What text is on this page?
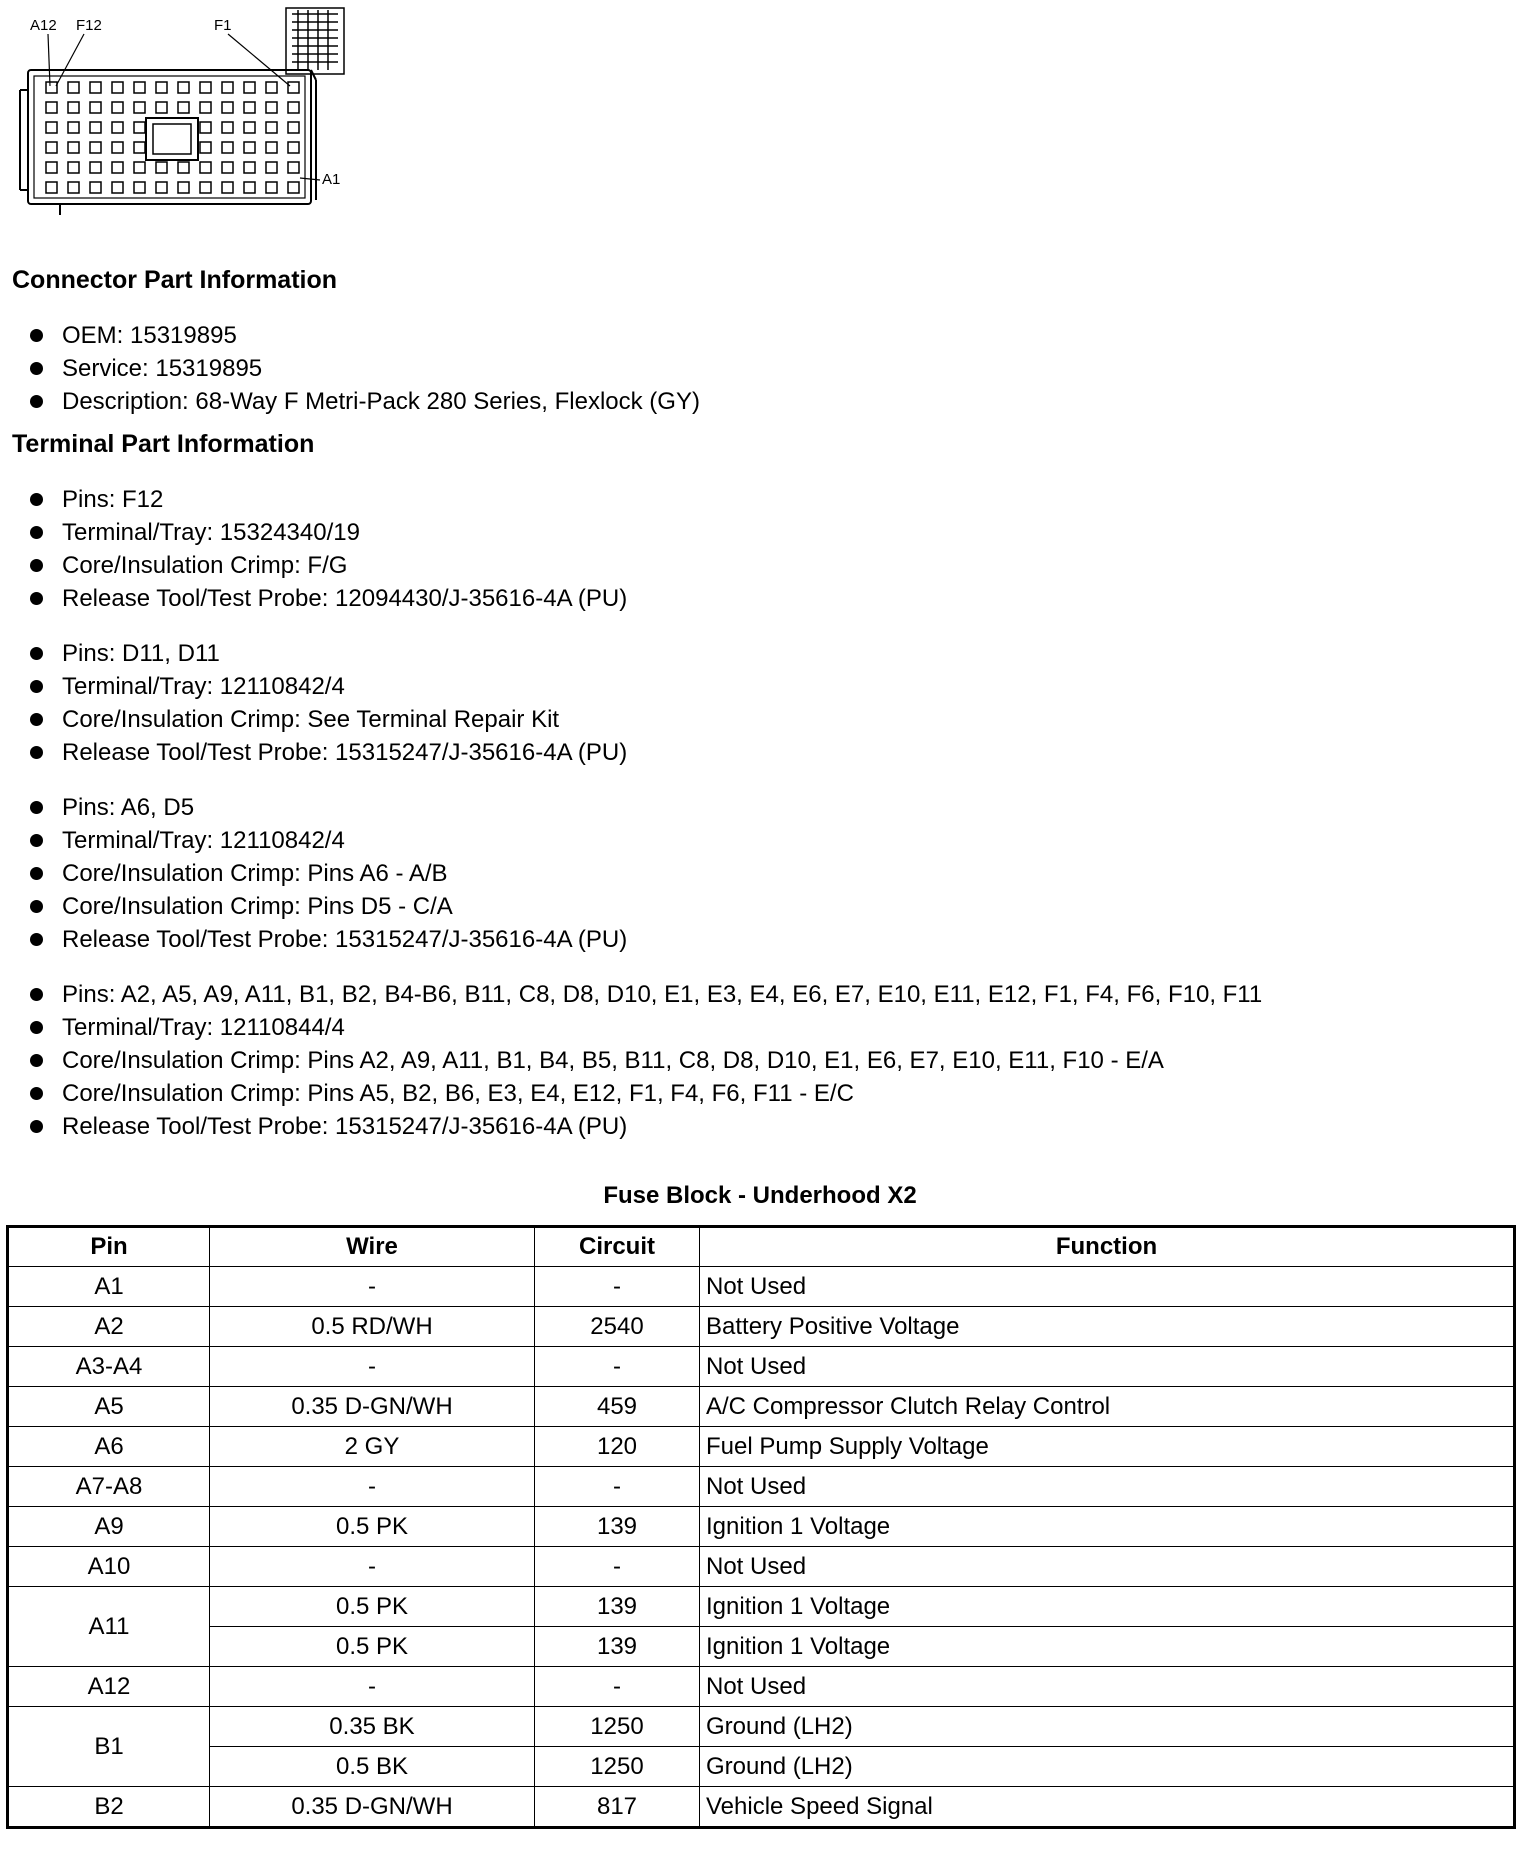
A12 F12	F1
A1
Connector Part Information
OEM: 15319895
Service: 15319895
Description: 68-Way F Metri-Pack 280 Series, Flexlock (GY)
Terminal Part Information
Pins: F12
Terminal/Tray: 15324340/19
Core/Insulation Crimp: F/G
Release Tool/Test Probe: 12094430/J-35616-4A (PU)
Pins: D11, D11
Terminal/Tray: 12110842/4
Core/Insulation Crimp: See Terminal Repair Kit
Release Tool/Test Probe: 15315247/J-35616-4A (PU)
Pins: A6, D5
Terminal/Tray: 12110842/4
Core/Insulation Crimp: Pins A6 - A/B
Core/Insulation Crimp: Pins D5 - C/A
Release Tool/Test Probe: 15315247/J-35616-4A (PU)
Pins: A2, A5, A9, A11, B1, B2, B4-B6, B11, C8, D8, D10, E1, E3, E4, E6, E7, E10, E11, E12, F1, F4, F6, F10, F11
Terminal/Tray: 12110844/4
Core/Insulation Crimp: Pins A2, A9, A11, B1, B4, B5, B11, C8, D8, D10, E1, E6, E7, E10, E11, F10 - E/A
Core/Insulation Crimp: Pins A5, B2, B6, E3, E4, E12, F1, F4, F6, F11 - E/C
Release Tool/Test Probe: 15315247/J-35616-4A (PU)
Fuse Block - Underhood X2
Pin	Wire	Circuit	Function
A1	-	-	Not Used
A2	0.5 RD/WH	2540	Battery Positive Voltage
A3-A4	-	-	Not Used
A5	0.35 D-GN/WH	459	A/C Compressor Clutch Relay Control
A6	2 GY	120	Fuel Pump Supply Voltage
A7-A8	-	-	Not Used
A9	0.5 PK	139	Ignition 1 Voltage
A10	-	-	Not Used
A11	0.5 PK	139	Ignition 1 Voltage
	0.5 PK	139	Ignition 1 Voltage
A12	-	-	Not Used
B1	0.35 BK	1250	Ground (LH2)
	0.5 BK	1250	Ground (LH2)
B2	0.35 D-GN/WH	817	Vehicle Speed Signal
